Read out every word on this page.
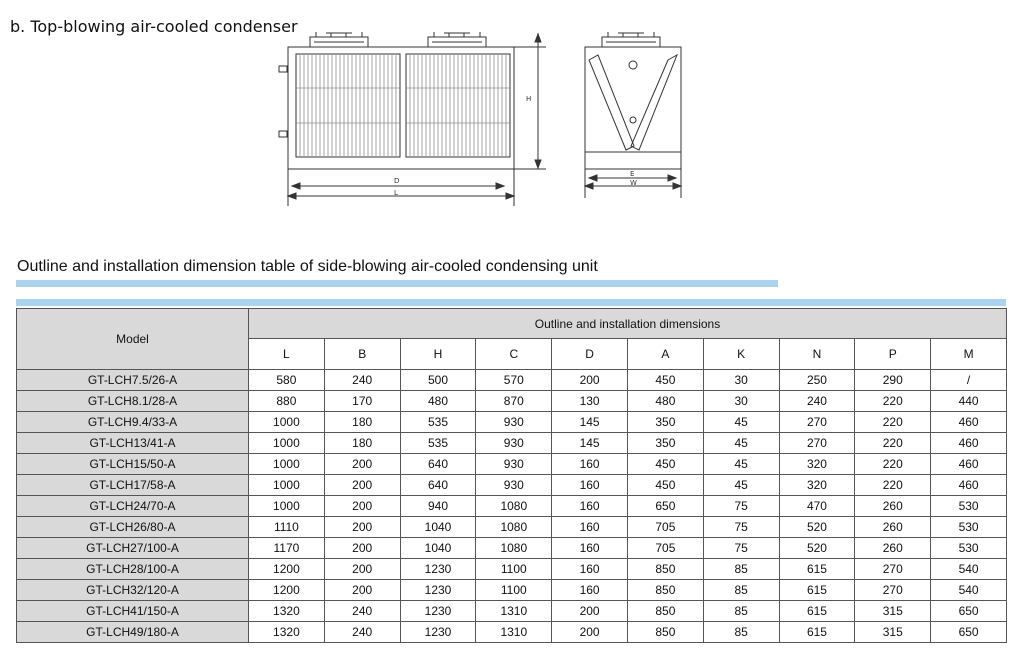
b. Top-blowing air-cooled condenser
H
D
L
E
W
Outline and installation dimension table of side-blowing air-cooled condensing unit
Model	Outline and installation dimensions									
	L	B	H	C	D	A	K	N	P	M
GT-LCH7.5/26-A	580	240	500	570	200	450	30	250	290	/
GT-LCH8.1/28-A	880	170	480	870	130	480	30	240	220	440
GT-LCH9.4/33-A	1000	180	535	930	145	350	45	270	220	460
GT-LCH13/41-A	1000	180	535	930	145	350	45	270	220	460
GT-LCH15/50-A	1000	200	640	930	160	450	45	320	220	460
GT-LCH17/58-A	1000	200	640	930	160	450	45	320	220	460
GT-LCH24/70-A	1000	200	940	1080	160	650	75	470	260	530
GT-LCH26/80-A	1110	200	1040	1080	160	705	75	520	260	530
GT-LCH27/100-A	1170	200	1040	1080	160	705	75	520	260	530
GT-LCH28/100-A	1200	200	1230	1100	160	850	85	615	270	540
GT-LCH32/120-A	1200	200	1230	1100	160	850	85	615	270	540
GT-LCH41/150-A	1320	240	1230	1310	200	850	85	615	315	650
GT-LCH49/180-A	1320	240	1230	1310	200	850	85	615	315	650
